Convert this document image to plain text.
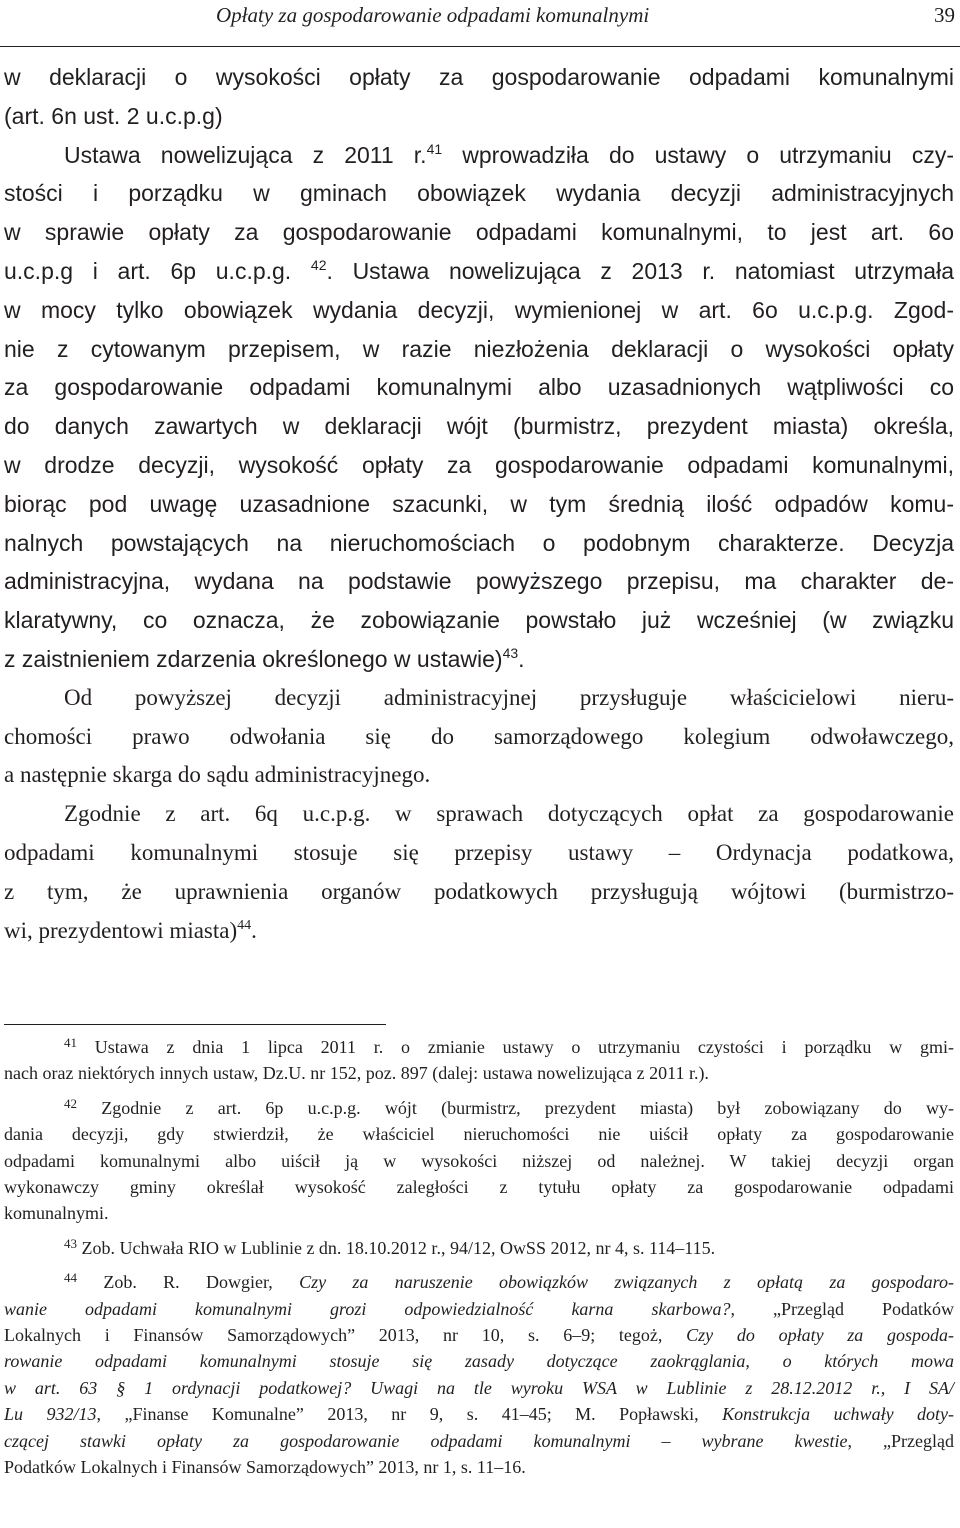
Opłaty za gospodarowanie odpadami komunalnymi	39
w deklaracji o wysokości opłaty za gospodarowanie odpadami komunalnymi
(art. 6n ust. 2 u.c.p.g)
Ustawa nowelizująca z 2011 r.$^{41}$ wprowadziła do ustawy o utrzymaniu czy-
stości i porządku w gminach obowiązek wydania decyzji administracyjnych
w sprawie opłaty za gospodarowanie odpadami komunalnymi, to jest art. 6o
u.c.p.g i art. 6p u.c.p.g. $^{42}$. Ustawa nowelizująca z 2013 r. natomiast utrzymała
w mocy tylko obowiązek wydania decyzji, wymienionej w art. 6o u.c.p.g. Zgod-
nie z cytowanym przepisem, w razie niezłożenia deklaracji o wysokości opłaty
za gospodarowanie odpadami komunalnymi albo uzasadnionych wątpliwości co
do danych zawartych w deklaracji wójt (burmistrz, prezydent miasta) określa,
w drodze decyzji, wysokość opłaty za gospodarowanie odpadami komunalnymi,
biorąc pod uwagę uzasadnione szacunki, w tym średnią ilość odpadów komu-
nalnych powstających na nieruchomościach o podobnym charakterze. Decyzja
administracyjna, wydana na podstawie powyższego przepisu, ma charakter de-
klaratywny, co oznacza, że zobowiązanie powstało już wcześniej (w związku
z zaistnieniem zdarzenia określonego w ustawie)$^{43}$.
Od powyższej decyzji administracyjnej przysługuje właścicielowi nieru-
chomości prawo odwołania się do samorządowego kolegium odwoławczego,
a następnie skarga do sądu administracyjnego.
Zgodnie z art. 6q u.c.p.g. w sprawach dotyczących opłat za gospodarowanie
odpadami komunalnymi stosuje się przepisy ustawy – Ordynacja podatkowa,
z tym, że uprawnienia organów podatkowych przysługują wójtowi (burmistrzo-
wi, prezydentowi miasta)$^{44}$.
$^{41}$ Ustawa z dnia 1 lipca 2011 r. o zmianie ustawy o utrzymaniu czystości i porządku w gmi-
nach oraz niektórych innych ustaw, Dz.U. nr 152, poz. 897 (dalej: ustawa nowelizująca z 2011 r.).
$^{42}$ Zgodnie z art. 6p u.c.p.g. wójt (burmistrz, prezydent miasta) był zobowiązany do wy-
dania decyzji, gdy stwierdził, że właściciel nieruchomości nie uiścił opłaty za gospodarowanie
odpadami komunalnymi albo uiścił ją w wysokości niższej od należnej. W takiej decyzji organ
wykonawczy gminy określał wysokość zaległości z tytułu opłaty za gospodarowanie odpadami
komunalnymi.
$^{43}$ Zob. Uchwała RIO w Lublinie z dn. 18.10.2012 r., 94/12, OwSS 2012, nr 4, s. 114–115.
$^{44}$ Zob. R. Dowgier, Czy za naruszenie obowiązków związanych z opłatą za gospodaro-
wanie odpadami komunalnymi grozi odpowiedzialność karna skarbowa?, „Przegląd Podatków
Lokalnych i Finansów Samorządowych” 2013, nr 10, s. 6–9; tegoż, Czy do opłaty za gospoda-
rowanie odpadami komunalnymi stosuje się zasady dotyczące zaokrąglania, o których mowa
w art. 63 § 1 ordynacji podatkowej? Uwagi na tle wyroku WSA w Lublinie z 28.12.2012 r., I SA/
Lu 932/13, „Finanse Komunalne” 2013, nr 9, s. 41–45; M. Popławski, Konstrukcja uchwały doty-
czącej stawki opłaty za gospodarowanie odpadami komunalnymi – wybrane kwestie, „Przegląd
Podatków Lokalnych i Finansów Samorządowych” 2013, nr 1, s. 11–16.
